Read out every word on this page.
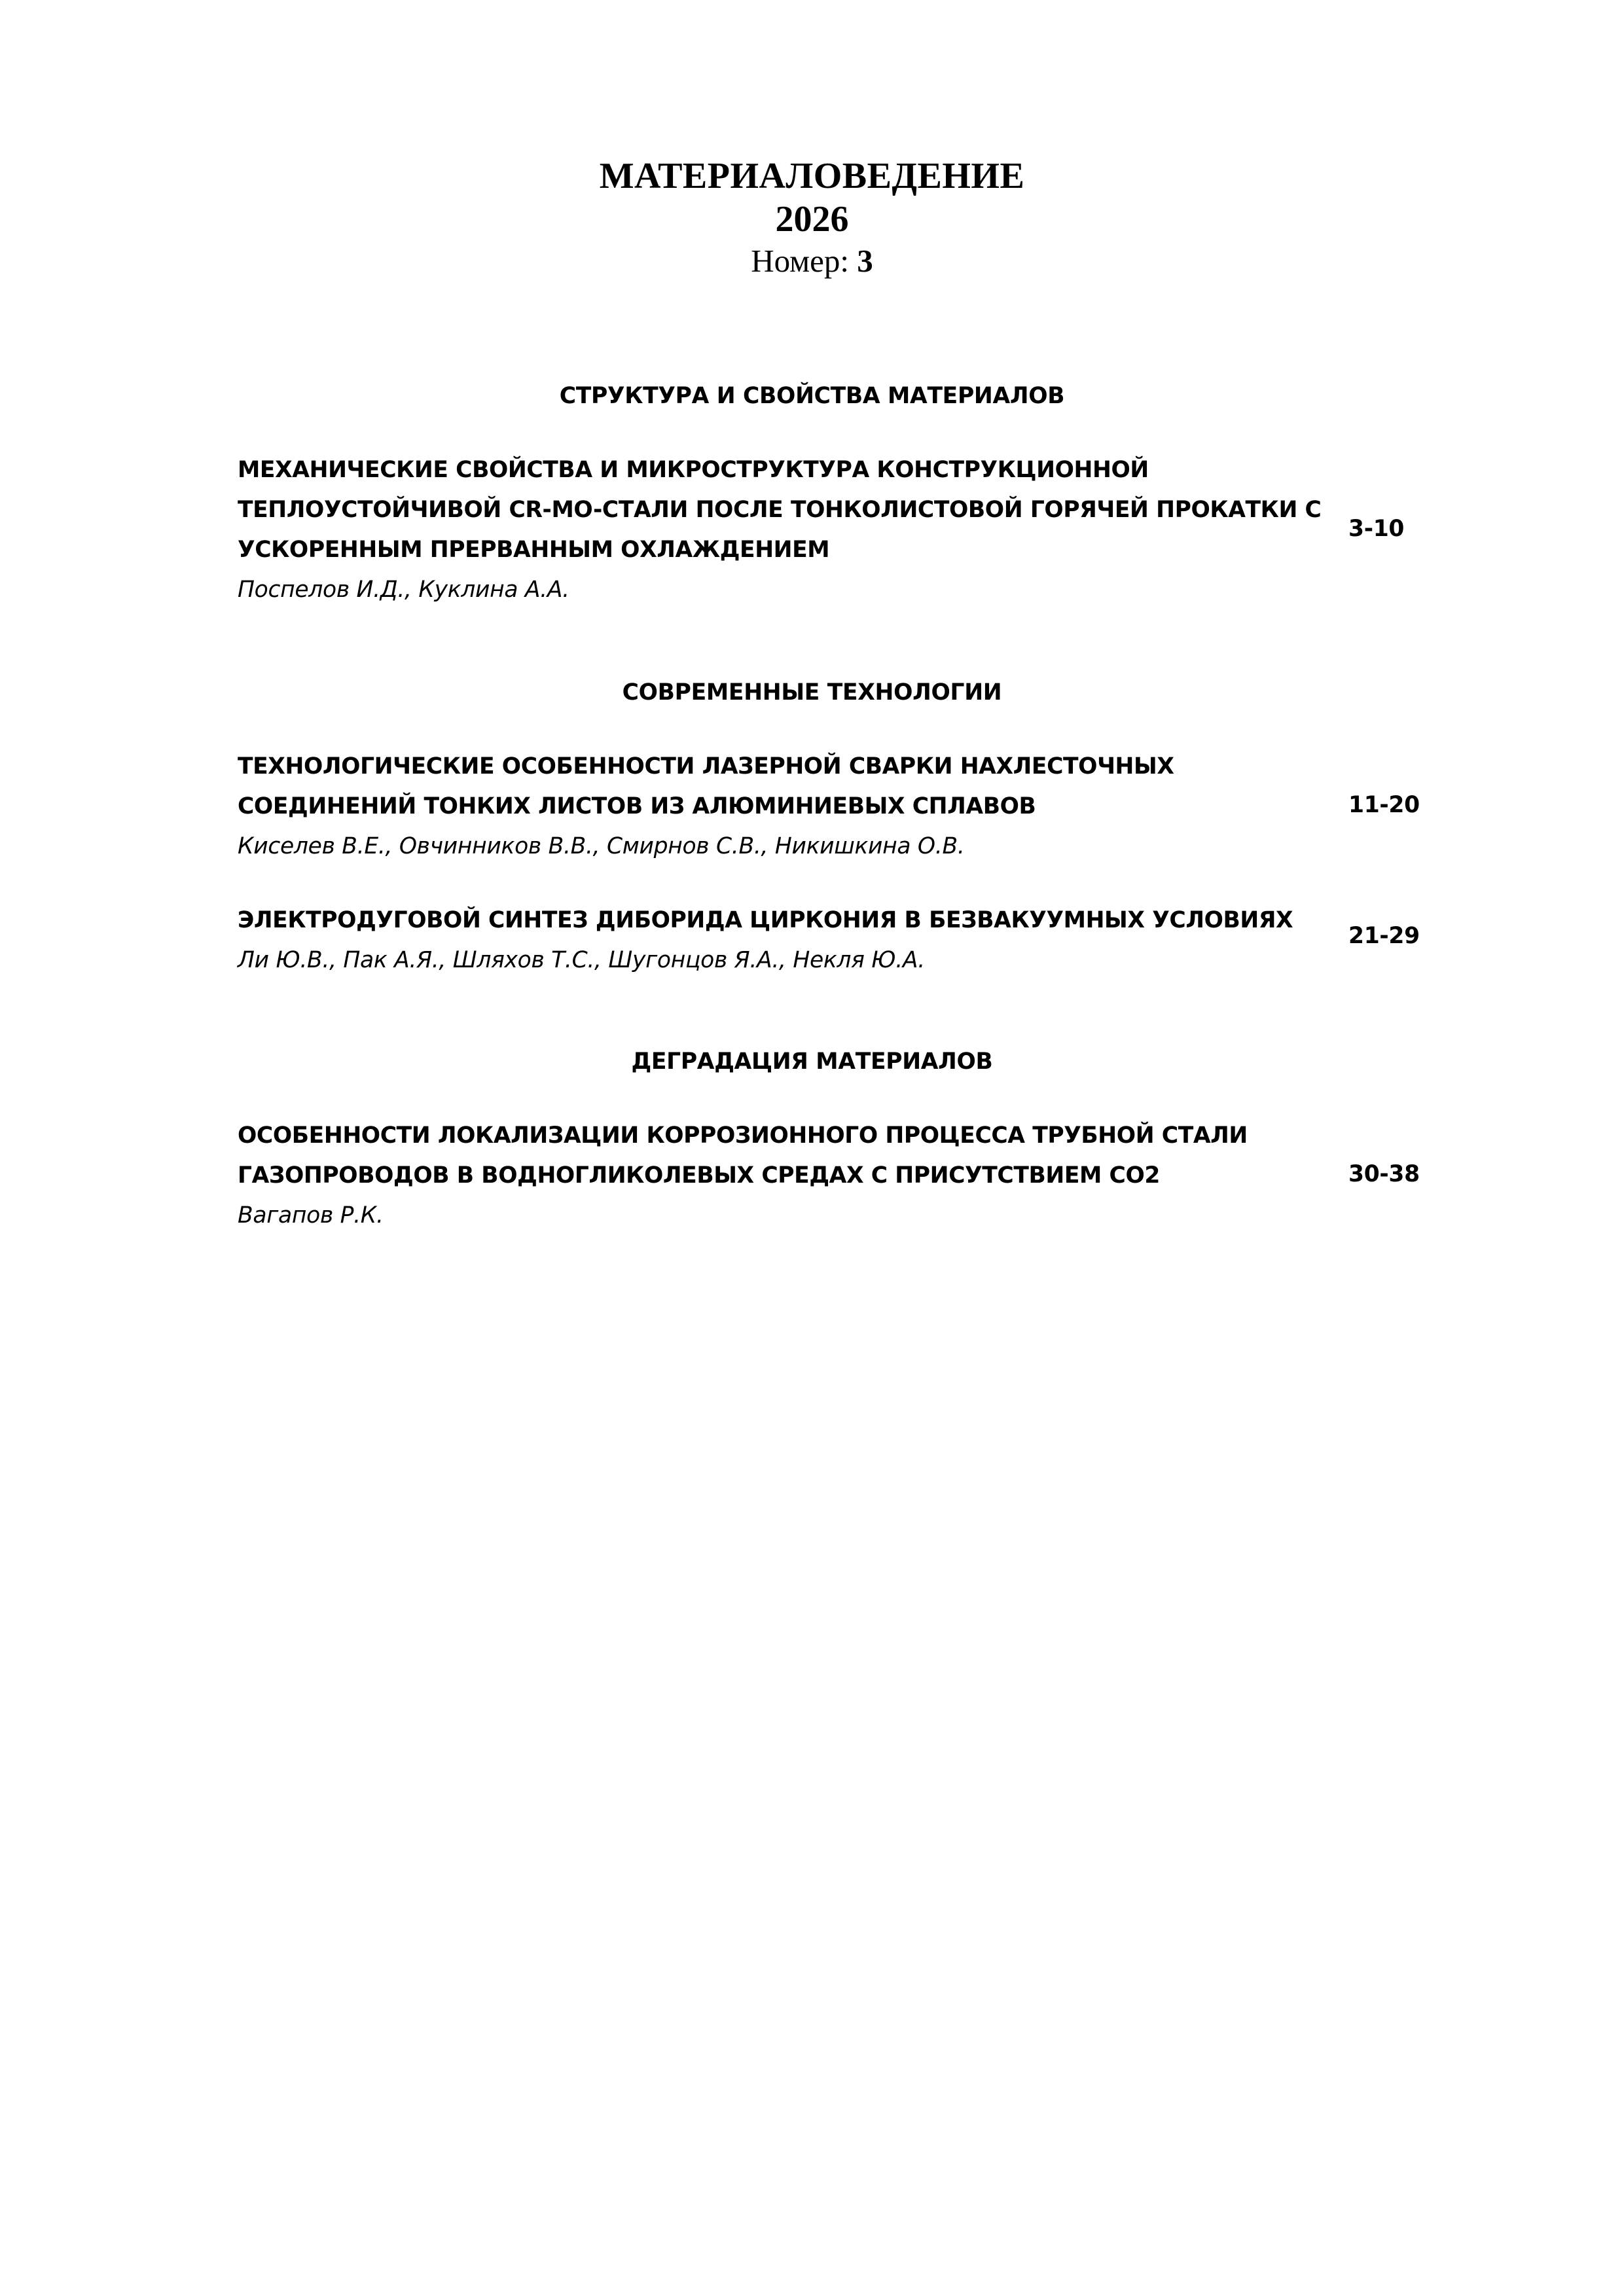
МАТЕРИАЛОВЕДЕНИЕ
2026
Номер: 3
СТРУКТУРА И СВОЙСТВА МАТЕРИАЛОВ

МЕХАНИЧЕСКИЕ СВОЙСТВА И МИКРОСТРУКТУРА КОНСТРУКЦИОННОЙ
ТЕПЛОУСТОЙЧИВОЙ CR-MO-СТАЛИ ПОСЛЕ ТОНКОЛИСТОВОЙ ГОРЯЧЕЙ ПРОКАТКИ С
УСКОРЕННЫМ ПРЕРВАННЫМ ОХЛАЖДЕНИЕМ

Поспелов И.Д., Куклина А.А.

3-10
СОВРЕМЕННЫЕ ТЕХНОЛОГИИ

ТЕХНОЛОГИЧЕСКИЕ ОСОБЕННОСТИ ЛАЗЕРНОЙ СВАРКИ НАХЛЕСТОЧНЫХ
СОЕДИНЕНИЙ ТОНКИХ ЛИСТОВ ИЗ АЛЮМИНИЕВЫХ СПЛАВОВ

Киселев В.Е., Овчинников В.В., Смирнов С.В., Никишкина О.В.

11-20

ЭЛЕКТРОДУГОВОЙ СИНТЕЗ ДИБОРИДА ЦИРКОНИЯ В БЕЗВАКУУМНЫХ УСЛОВИЯХ

Ли Ю.В., Пак А.Я., Шляхов Т.С., Шугонцов Я.А., Некля Ю.А.

21-29
ДЕГРАДАЦИЯ МАТЕРИАЛОВ

ОСОБЕННОСТИ ЛОКАЛИЗАЦИИ КОРРОЗИОННОГО ПРОЦЕССА ТРУБНОЙ СТАЛИ
ГАЗОПРОВОДОВ В ВОДНОГЛИКОЛЕВЫХ СРЕДАХ С ПРИСУТСТВИЕМ СО2

Вагапов Р.К.

30-38
